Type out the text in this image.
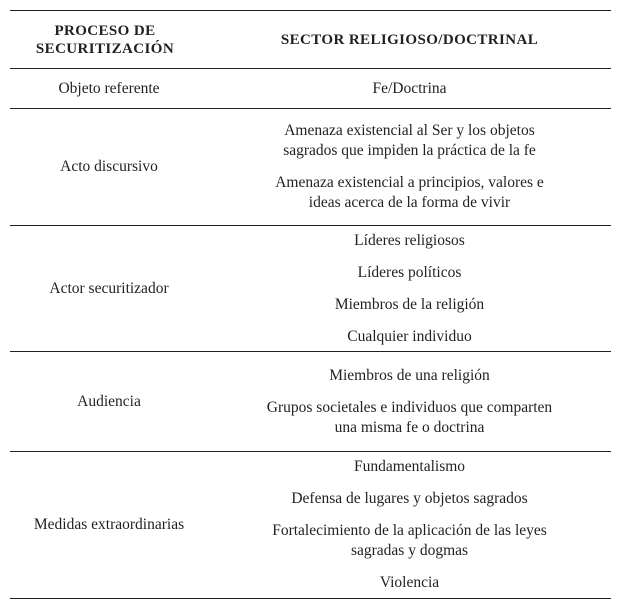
PROCESO DE
SECURITIZACIÓN
SECTOR RELIGIOSO/DOCTRINAL
Objeto referente	Fe/Doctrina
Acto discursivo
Amenaza existencial al Ser y los objetos
sagrados que impiden la práctica de la fe
Amenaza existencial a principios, valores e
ideas acerca de la forma de vivir
Actor securitizador
Líderes religiosos
Líderes políticos
Miembros de la religión
Cualquier individuo
Audiencia
Miembros de una religión
Grupos societales e individuos que comparten
una misma fe o doctrina
Medidas extraordinarias
Fundamentalismo
Defensa de lugares y objetos sagrados
Fortalecimiento de la aplicación de las leyes
sagradas y dogmas
Violencia
